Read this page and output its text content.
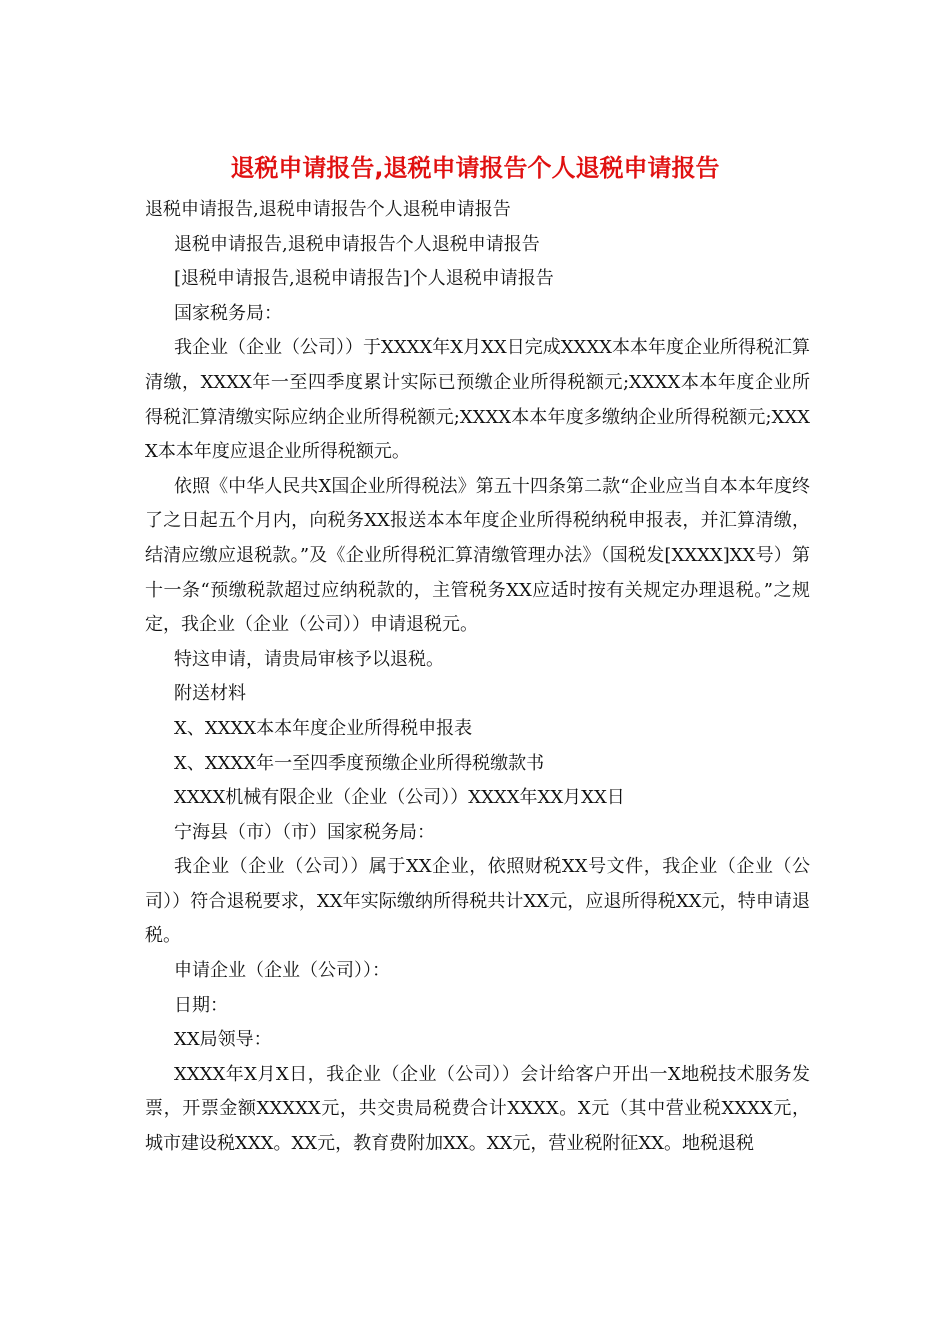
退税申请报告,退税申请报告个人退税申请报告

退税申请报告,退税申请报告个人退税申请报告

退税申请报告,退税申请报告个人退税申请报告

[退税申请报告,退税申请报告]个人退税申请报告

国家税务局：

我企业（企业（公司））于XXXX年X月XX日完成XXXX本本年度企业所得税汇算清缴，XXXX年一至四季度累计实际已预缴企业所得税额元;XXXX本本年度企业所得税汇算清缴实际应纳企业所得税额元;XXXX本本年度多缴纳企业所得税额元;XXXX本本年度应退企业所得税额元。

依照《中华人民共X国企业所得税法》第五十四条第二款“企业应当自本本年度终了之日起五个月内，向税务XX报送本本年度企业所得税纳税申报表，并汇算清缴，结清应缴应退税款。”及《企业所得税汇算清缴管理办法》（国税发[XXXX]XX号）第十一条“预缴税款超过应纳税款的，主管税务XX应适时按有关规定办理退税。”之规定，我企业（企业（公司））申请退税元。

特这申请，请贵局审核予以退税。

附送材料

X、XXXX本本年度企业所得税申报表

X、XXXX年一至四季度预缴企业所得税缴款书

XXXX机械有限企业（企业（公司））XXXX年XX月XX日

宁海县（市）（市）国家税务局：

我企业（企业（公司））属于XX企业，依照财税XX号文件，我企业（企业（公司））符合退税要求，XX年实际缴纳所得税共计XX元，应退所得税XX元，特申请退税。

申请企业（企业（公司））：

日期：

XX局领导：

XXXX年X月X日，我企业（企业（公司））会计给客户开出一X地税技术服务发票，开票金额XXXXX元，共交贵局税费合计XXXX。X元（其中营业税XXXX元，城市建设税XXX。XX元，教育费附加XX。XX元，营业税附征XX。地税退税
